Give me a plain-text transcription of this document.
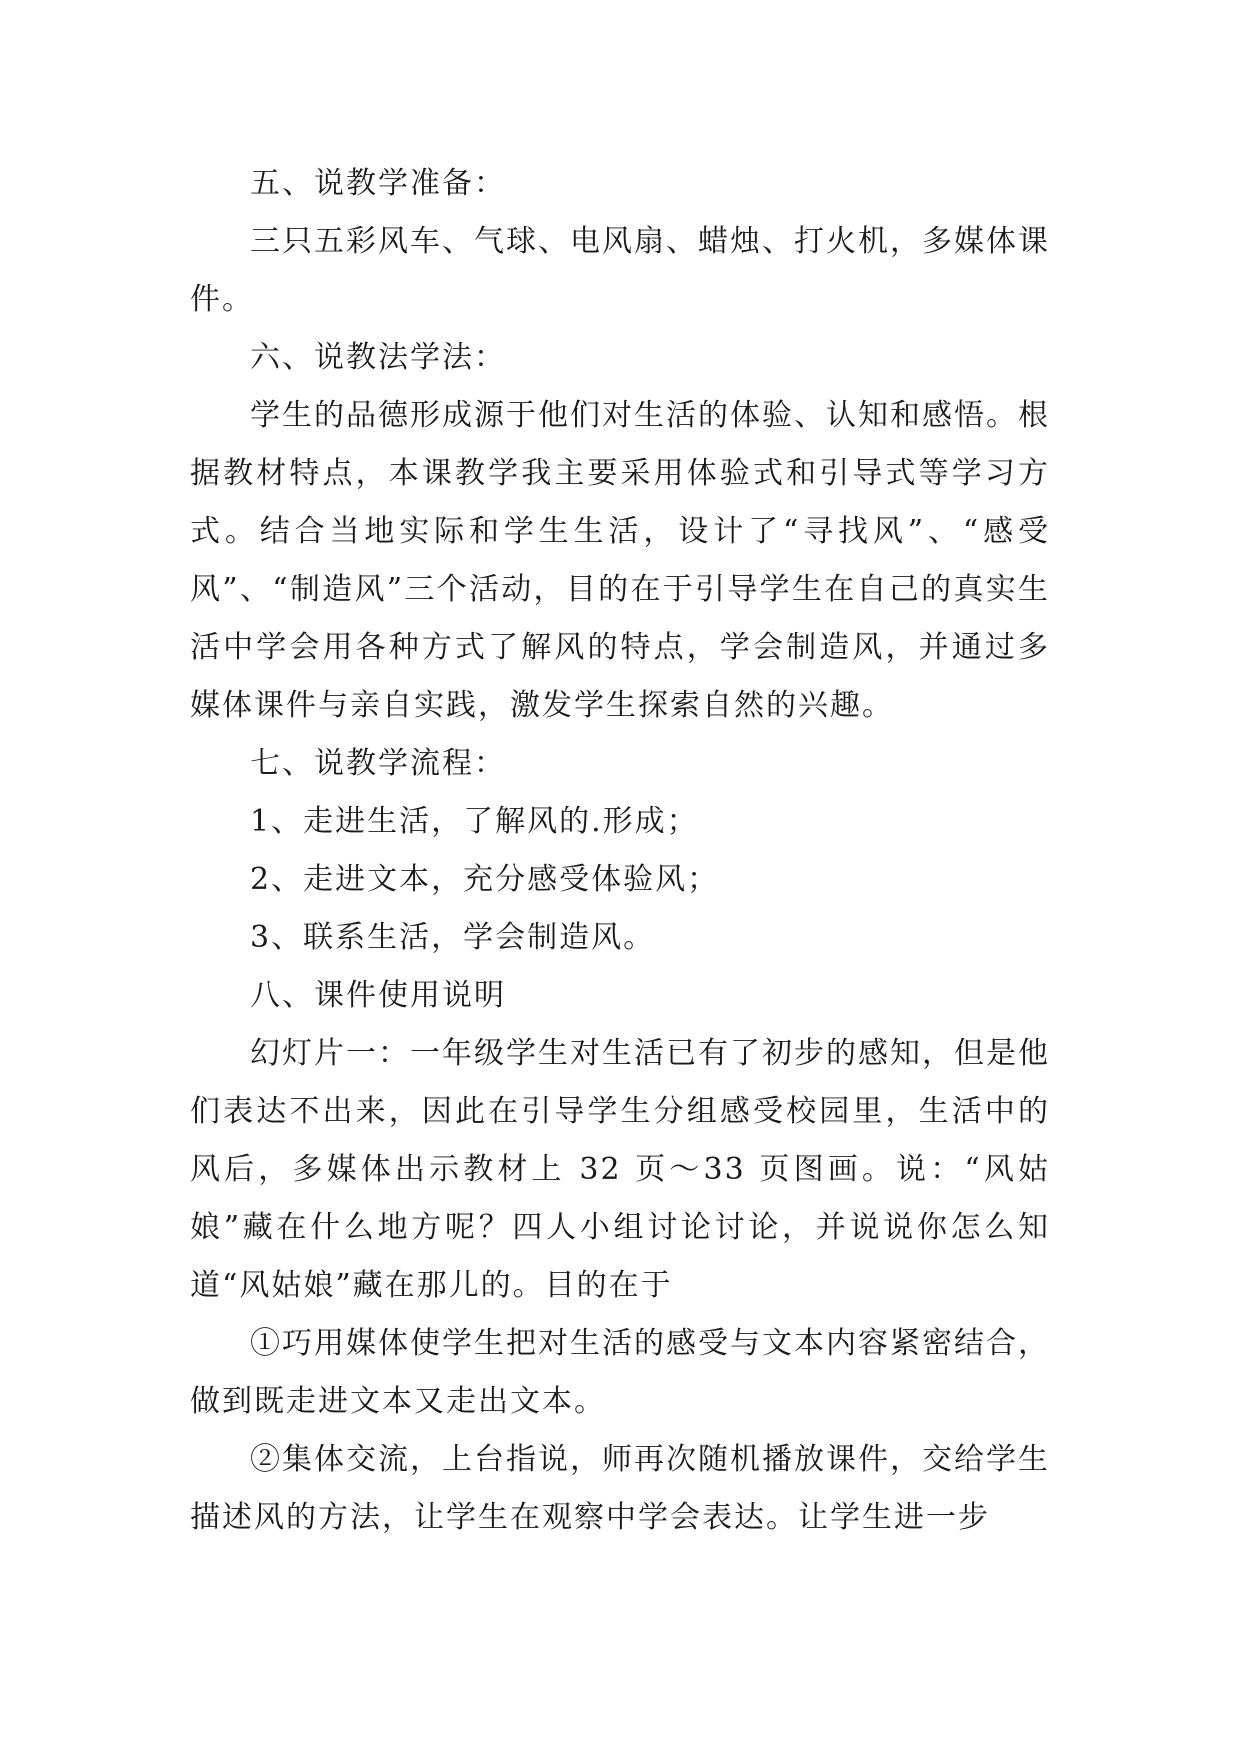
五、说教学准备：

三只五彩风车、气球、电风扇、蜡烛、打火机，多媒体课件。

六、说教法学法：

学生的品德形成源于他们对生活的体验、认知和感悟。根据教材特点，本课教学我主要采用体验式和引导式等学习方式。结合当地实际和学生生活，设计了“寻找风”、“感受风”、“制造风”三个活动，目的在于引导学生在自己的真实生活中学会用各种方式了解风的特点，学会制造风，并通过多媒体课件与亲自实践，激发学生探索自然的兴趣。

七、说教学流程：

1、走进生活，了解风的.形成；

2、走进文本，充分感受体验风；

3、联系生活，学会制造风。

八、课件使用说明

幻灯片一：一年级学生对生活已有了初步的感知，但是他们表达不出来，因此在引导学生分组感受校园里，生活中的风后，多媒体出示教材上 32 页～33 页图画。说：“风姑娘”藏在什么地方呢？四人小组讨论讨论，并说说你怎么知道“风姑娘”藏在那儿的。目的在于

①巧用媒体使学生把对生活的感受与文本内容紧密结合，做到既走进文本又走出文本。

②集体交流，上台指说，师再次随机播放课件，交给学生描述风的方法，让学生在观察中学会表达。让学生进一步
